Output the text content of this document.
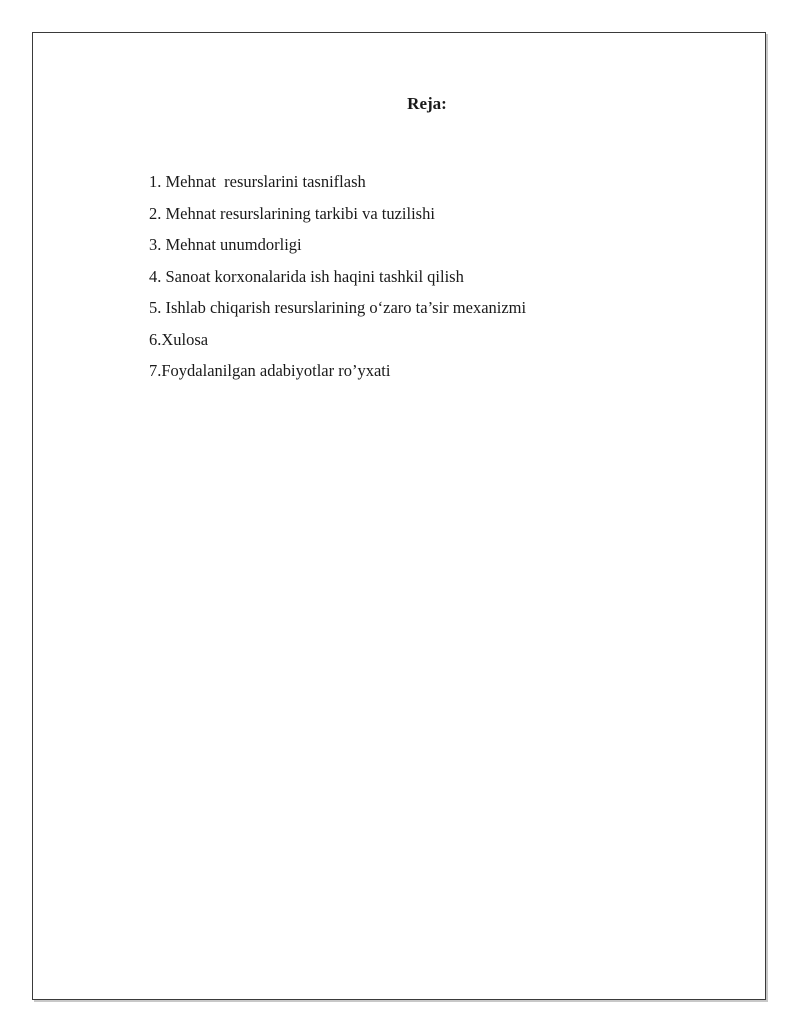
Reja:
1. Mehnat  resurslarini tasniflash
2. Mehnat resurslarining tarkibi va tuzilishi
3. Mehnat unumdorligi
4. Sanoat korxonalarida ish haqini tashkil qilish
5. Ishlab chiqarish resurslarining o‘zaro ta’sir mexanizmi
6.Xulosa
7.Foydalanilgan adabiyotlar ro’yxati
